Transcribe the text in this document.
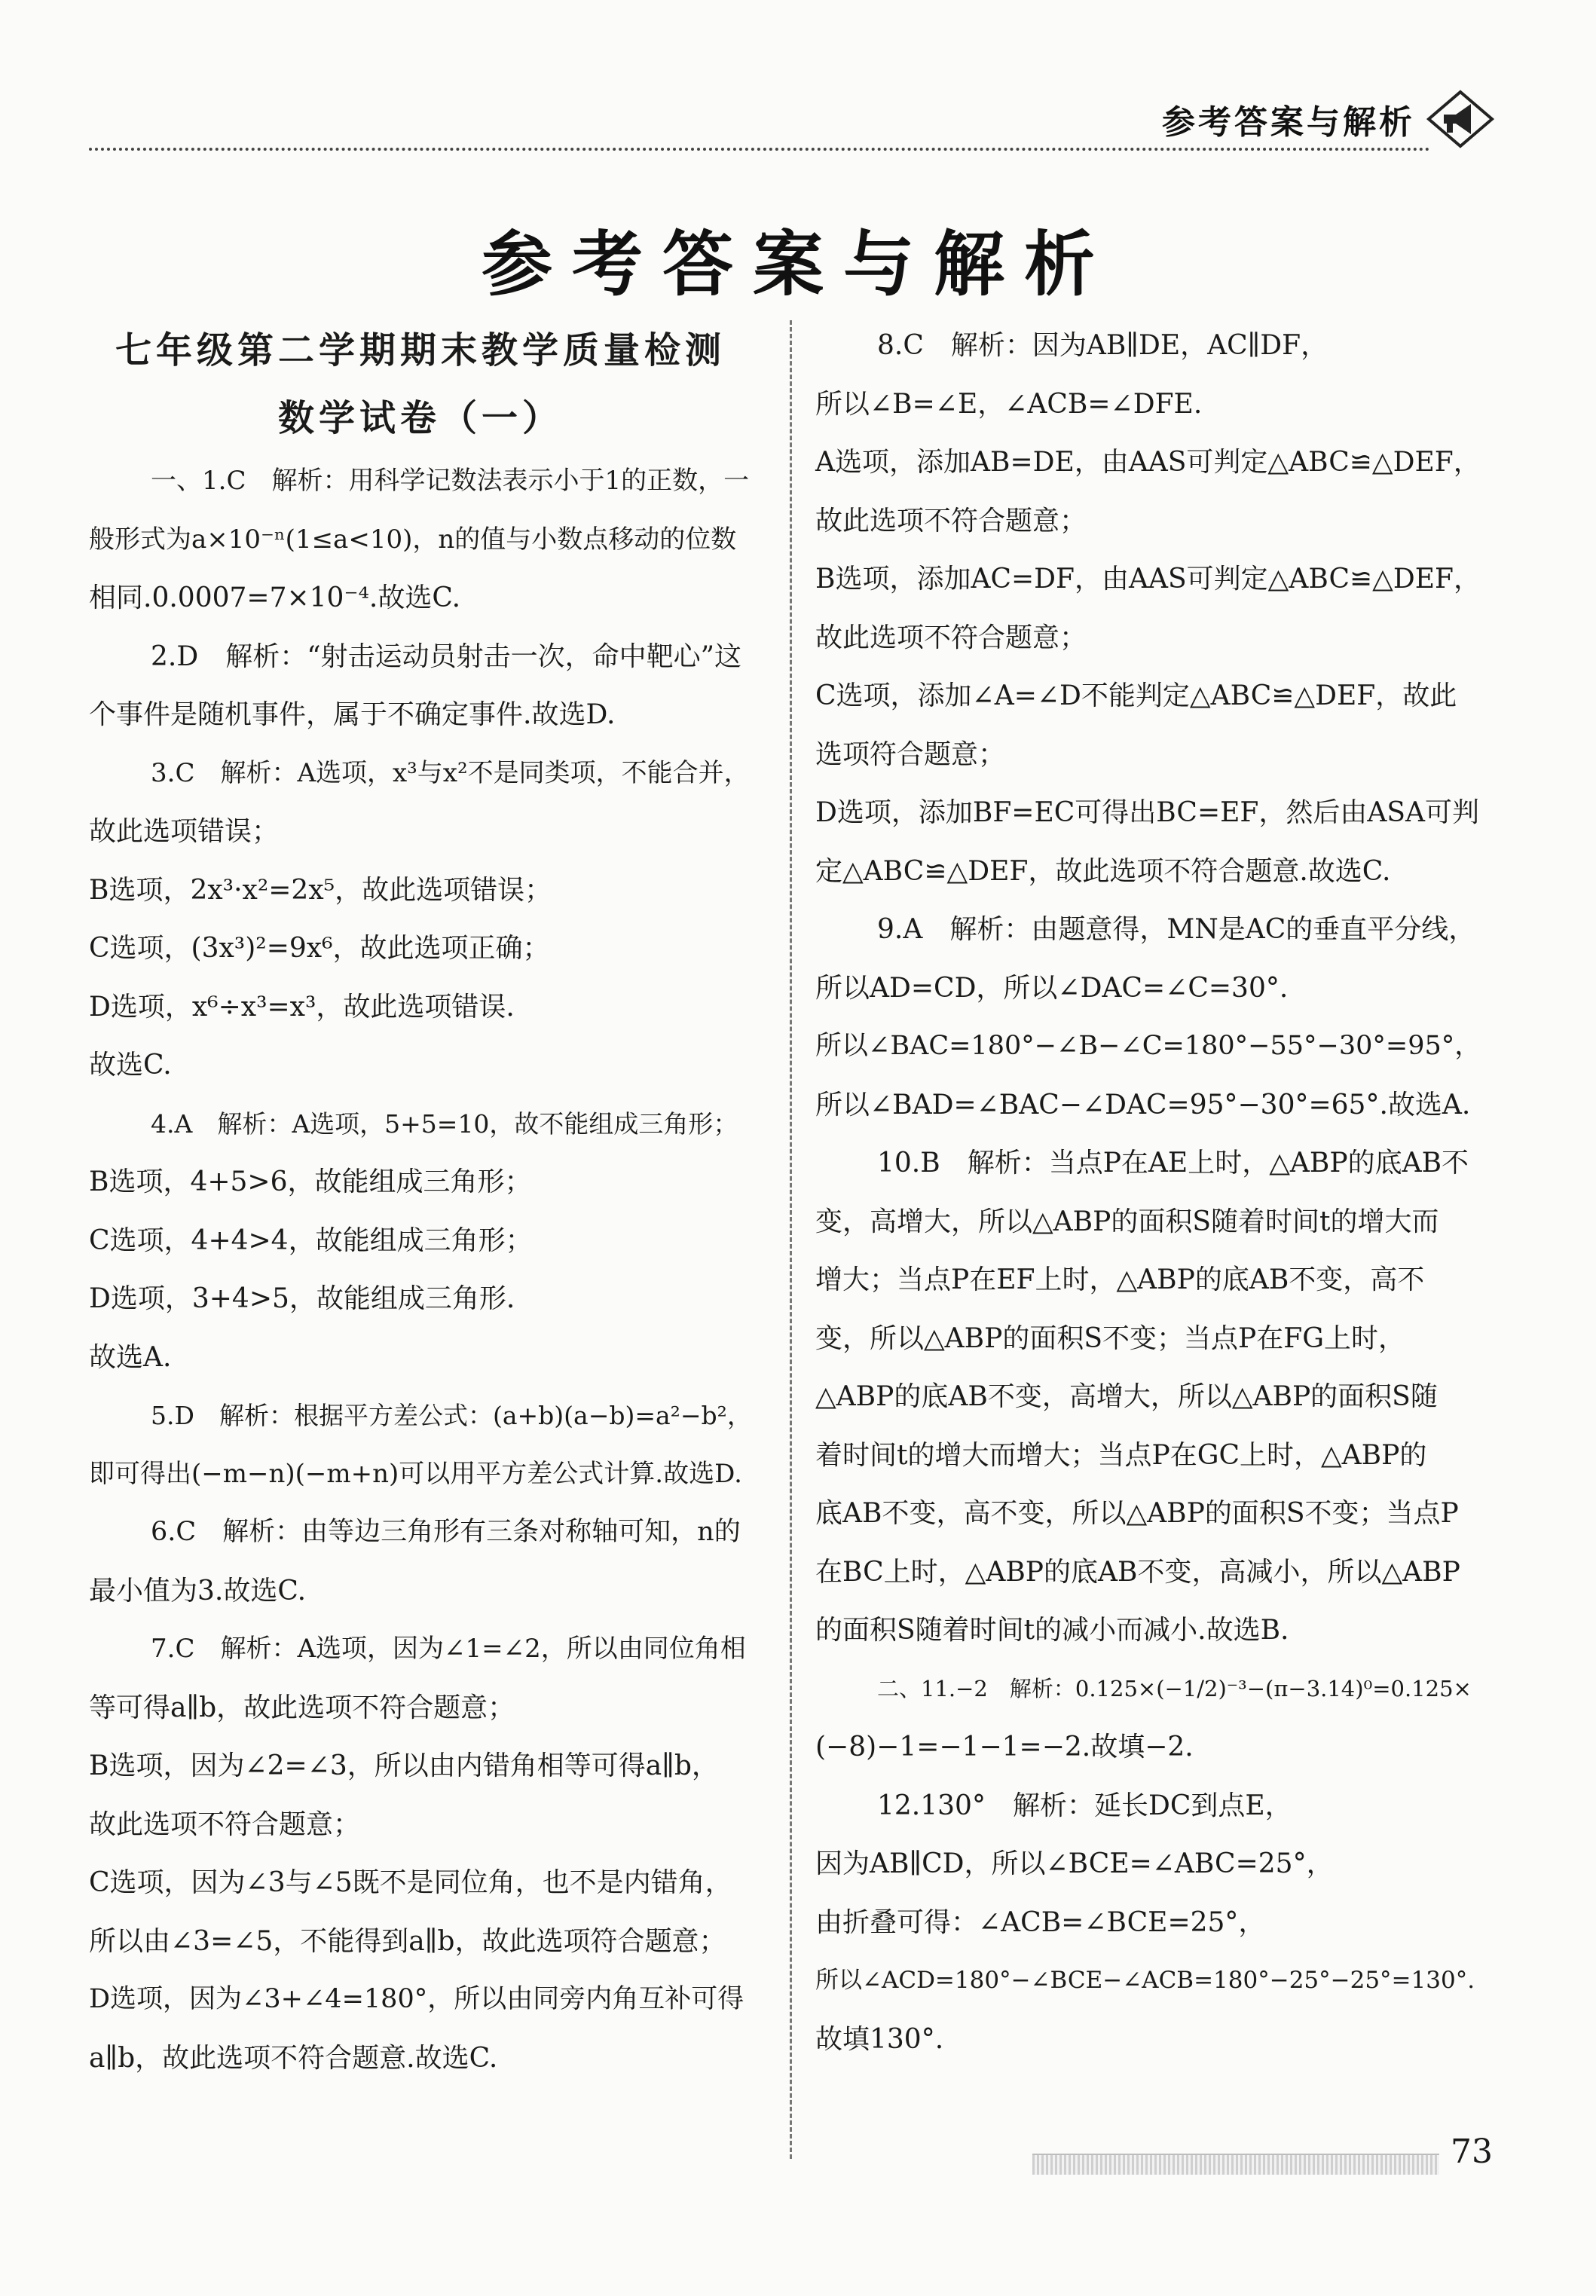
参考答案与解析
参考答案与解析
七年级第二学期期末教学质量检测
数学试卷（一）
一、1.C　解析：用科学记数法表示小于1的正数，一
般形式为a×10⁻ⁿ(1≤a<10)，n的值与小数点移动的位数
相同.0.0007=7×10⁻⁴.故选C.
2.D　解析：“射击运动员射击一次，命中靶心”这
个事件是随机事件，属于不确定事件.故选D.
3.C　解析：A选项，x³与x²不是同类项，不能合并，
故此选项错误；
B选项，2x³·x²=2x⁵，故此选项错误；
C选项，(3x³)²=9x⁶，故此选项正确；
D选项，x⁶÷x³=x³，故此选项错误.
故选C.
4.A　解析：A选项，5+5=10，故不能组成三角形；
B选项，4+5>6，故能组成三角形；
C选项，4+4>4，故能组成三角形；
D选项，3+4>5，故能组成三角形.
故选A.
5.D　解析：根据平方差公式：(a+b)(a−b)=a²−b²，
即可得出(−m−n)(−m+n)可以用平方差公式计算.故选D.
6.C　解析：由等边三角形有三条对称轴可知，n的
最小值为3.故选C.
7.C　解析：A选项，因为∠1=∠2，所以由同位角相
等可得a∥b，故此选项不符合题意；
B选项，因为∠2=∠3，所以由内错角相等可得a∥b，
故此选项不符合题意；
C选项，因为∠3与∠5既不是同位角，也不是内错角，
所以由∠3=∠5，不能得到a∥b，故此选项符合题意；
D选项，因为∠3+∠4=180°，所以由同旁内角互补可得
a∥b，故此选项不符合题意.故选C.
8.C　解析：因为AB∥DE，AC∥DF，
所以∠B=∠E，∠ACB=∠DFE.
A选项，添加AB=DE，由AAS可判定△ABC≌△DEF，
故此选项不符合题意；
B选项，添加AC=DF，由AAS可判定△ABC≌△DEF，
故此选项不符合题意；
C选项，添加∠A=∠D不能判定△ABC≌△DEF，故此
选项符合题意；
D选项，添加BF=EC可得出BC=EF，然后由ASA可判
定△ABC≌△DEF，故此选项不符合题意.故选C.
9.A　解析：由题意得，MN是AC的垂直平分线，
所以AD=CD，所以∠DAC=∠C=30°.
所以∠BAC=180°−∠B−∠C=180°−55°−30°=95°，
所以∠BAD=∠BAC−∠DAC=95°−30°=65°.故选A.
10.B　解析：当点P在AE上时，△ABP的底AB不
变，高增大，所以△ABP的面积S随着时间t的增大而
增大；当点P在EF上时，△ABP的底AB不变，高不
变，所以△ABP的面积S不变；当点P在FG上时，
△ABP的底AB不变，高增大，所以△ABP的面积S随
着时间t的增大而增大；当点P在GC上时，△ABP的
底AB不变，高不变，所以△ABP的面积S不变；当点P
在BC上时，△ABP的底AB不变，高减小，所以△ABP
的面积S随着时间t的减小而减小.故选B.
二、11.−2　解析：0.125×(−1/2)⁻³−(π−3.14)⁰=0.125×
(−8)−1=−1−1=−2.故填−2.
12.130°　解析：延长DC到点E，
因为AB∥CD，所以∠BCE=∠ABC=25°，
由折叠可得：∠ACB=∠BCE=25°，
所以∠ACD=180°−∠BCE−∠ACB=180°−25°−25°=130°.
故填130°.
73
